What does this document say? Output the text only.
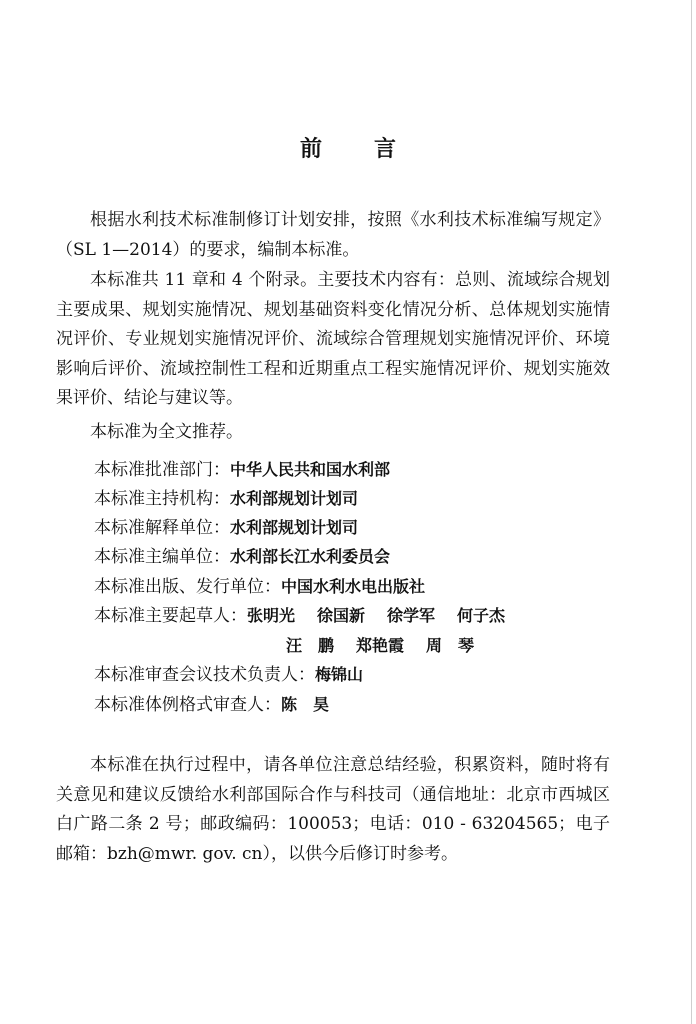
前 言

根据水利技术标准制修订计划安排，按照《水利技术标准编写规定》（SL 1—2014）的要求，编制本标准。

本标准共 11 章和 4 个附录。主要技术内容有：总则、流域综合规划主要成果、规划实施情况、规划基础资料变化情况分析、总体规划实施情况评价、专业规划实施情况评价、流域综合管理规划实施情况评价、环境影响后评价、流域控制性工程和近期重点工程实施情况评价、规划实施效果评价、结论与建议等。

本标准为全文推荐。

本标准批准部门：中华人民共和国水利部
本标准主持机构：水利部规划计划司
本标准解释单位：水利部规划计划司
本标准主编单位：水利部长江水利委员会
本标准出版、发行单位：中国水利水电出版社
本标准主要起草人：张明光 徐国新 徐学军 何子杰
汪　鹏 郑艳霞 周　琴
本标准审查会议技术负责人：梅锦山
本标准体例格式审查人：陈　昊

本标准在执行过程中，请各单位注意总结经验，积累资料，随时将有关意见和建议反馈给水利部国际合作与科技司（通信地址：北京市西城区白广路二条 2 号；邮政编码：100053；电话：010 - 63204565；电子邮箱：bzh@mwr. gov. cn），以供今后修订时参考。
